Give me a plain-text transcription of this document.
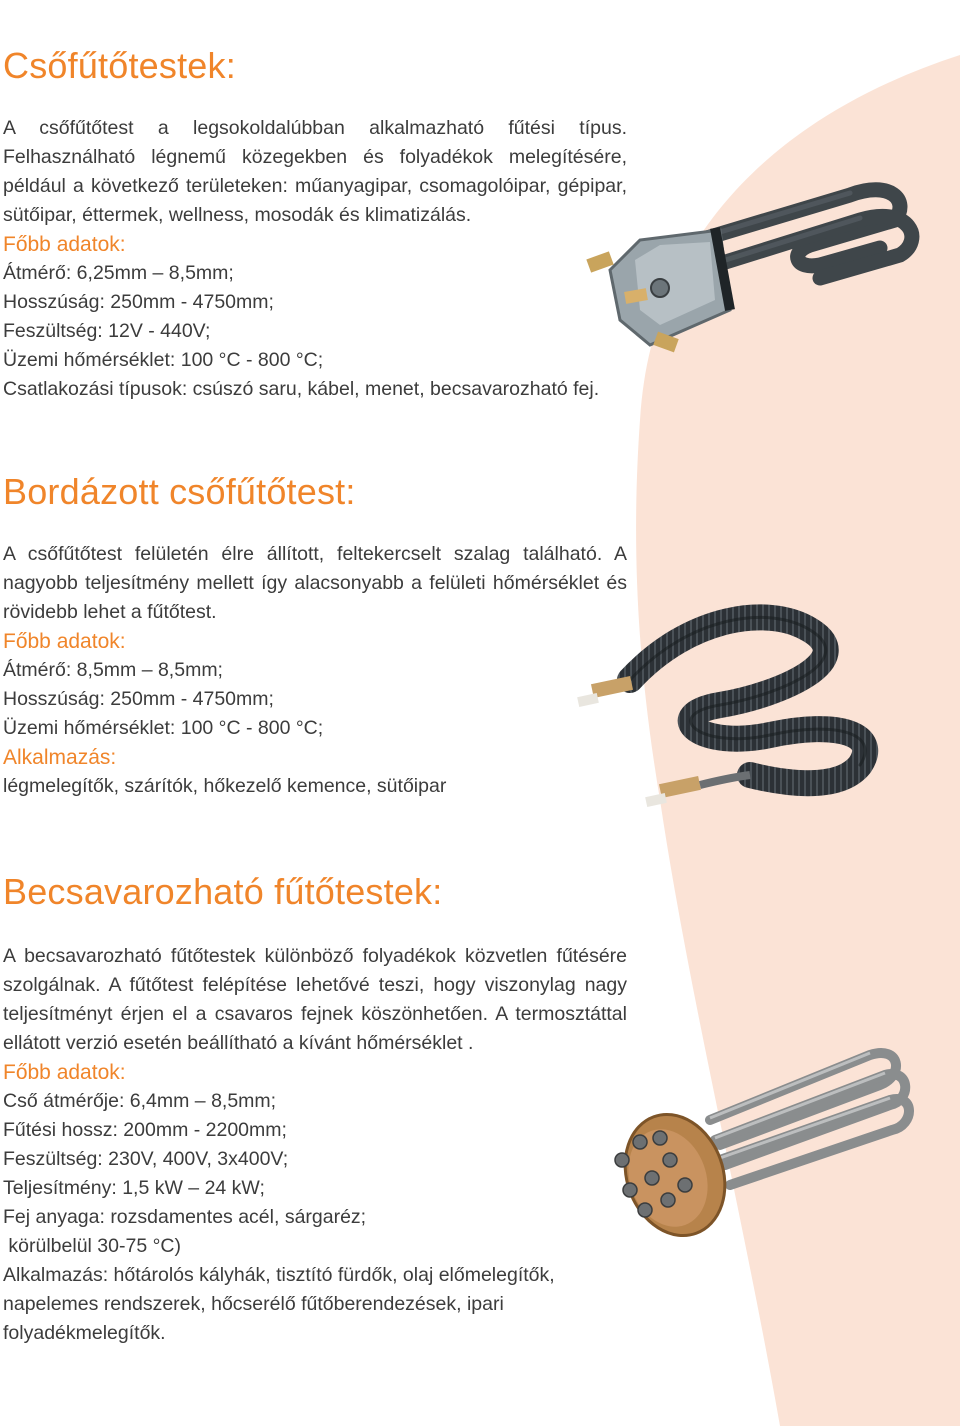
Csőfűtőtestek:

A csőfűtőtest a legsokoldalúbban alkalmazható fűtési típus. Felhasználható légnemű közegekben és folyadékok melegítésére, például a következő területeken: műanyagipar, csomagolóipar, gépipar, sütőipar, éttermek, wellness, mosodák és klimatizálás.

Főbb adatok:

Átmérő: 6,25mm – 8,5mm;

Hosszúság: 250mm - 4750mm;

Feszültség: 12V - 440V;

Üzemi hőmérséklet: 100 °C - 800 °C;

Csatlakozási típusok: csúszó saru, kábel, menet, becsavarozható fej.

Bordázott csőfűtőtest:

A csőfűtőtest felületén élre állított, feltekercselt szalag található. A nagyobb teljesítmény mellett így alacsonyabb a felületi hőmérséklet és rövidebb lehet a fűtőtest.

Főbb adatok:

Átmérő: 8,5mm – 8,5mm;

Hosszúság: 250mm - 4750mm;

Üzemi hőmérséklet: 100 °C - 800 °C;

Alkalmazás:

légmelegítők, szárítók, hőkezelő kemence, sütőipar

Becsavarozható fűtőtestek:

A becsavarozható fűtőtestek különböző folyadékok közvetlen fűtésére szolgálnak. A fűtőtest felépítése lehetővé teszi, hogy viszonylag nagy teljesítményt érjen el a csavaros fejnek köszönhetően. A termosztáttal ellátott verzió esetén beállítható a kívánt hőmérséklet .

Főbb adatok:

Cső átmérője: 6,4mm – 8,5mm;

Fűtési hossz: 200mm - 2200mm;

Feszültség: 230V, 400V, 3x400V;

Teljesítmény: 1,5 kW – 24 kW;

Fej anyaga: rozsdamentes acél, sárgaréz;

körülbelül 30-75 °C)

Alkalmazás: hőtárolós kályhák, tisztító fürdők, olaj előmelegítők, napelemes rendszerek, hőcserélő fűtőberendezések, ipari folyadékmelegítők.
